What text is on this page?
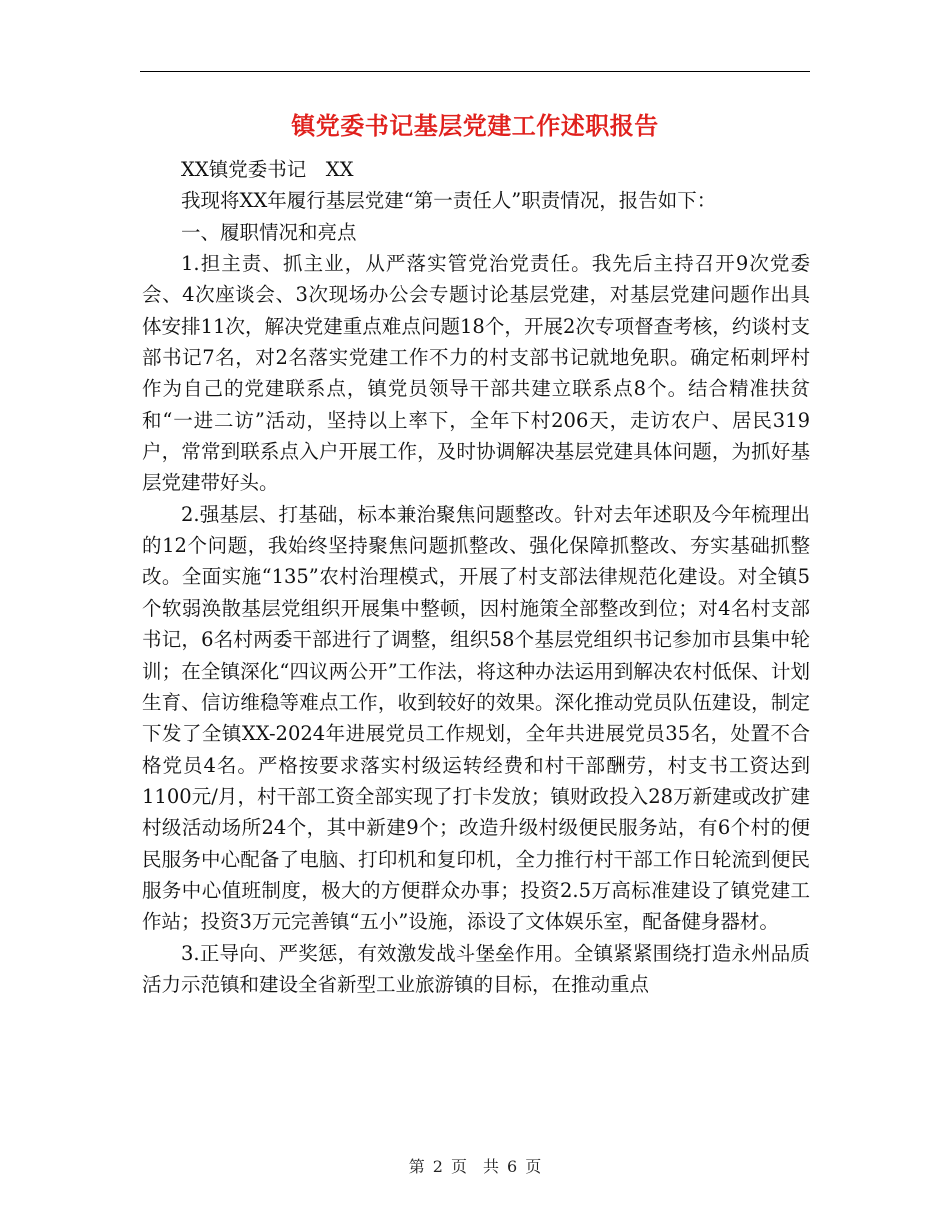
镇党委书记基层党建工作述职报告

XX镇党委书记　XX

我现将XX年履行基层党建“第一责任人”职责情况，报告如下：

一、履职情况和亮点

1.担主责、抓主业，从严落实管党治党责任。我先后主持召开9次党委会、4次座谈会、3次现场办公会专题讨论基层党建，对基层党建问题作出具体安排11次，解决党建重点难点问题18个，开展2次专项督查考核，约谈村支部书记7名，对2名落实党建工作不力的村支部书记就地免职。确定柘刺坪村作为自己的党建联系点，镇党员领导干部共建立联系点8个。结合精准扶贫和“一进二访”活动，坚持以上率下，全年下村206天，走访农户、居民319户，常常到联系点入户开展工作，及时协调解决基层党建具体问题，为抓好基层党建带好头。

2.强基层、打基础，标本兼治聚焦问题整改。针对去年述职及今年梳理出的12个问题，我始终坚持聚焦问题抓整改、强化保障抓整改、夯实基础抓整改。全面实施“135”农村治理模式，开展了村支部法律规范化建设。对全镇5个软弱涣散基层党组织开展集中整顿，因村施策全部整改到位；对4名村支部书记，6名村两委干部进行了调整，组织58个基层党组织书记参加市县集中轮训；在全镇深化“四议两公开”工作法，将这种办法运用到解决农村低保、计划生育、信访维稳等难点工作，收到较好的效果。深化推动党员队伍建设，制定下发了全镇XX-2024年进展党员工作规划，全年共进展党员35名，处置不合格党员4名。严格按要求落实村级运转经费和村干部酬劳，村支书工资达到1100元/月，村干部工资全部实现了打卡发放；镇财政投入28万新建或改扩建村级活动场所24个，其中新建9个；改造升级村级便民服务站，有6个村的便民服务中心配备了电脑、打印机和复印机，全力推行村干部工作日轮流到便民服务中心值班制度，极大的方便群众办事；投资2.5万高标准建设了镇党建工作站；投资3万元完善镇“五小”设施，添设了文体娱乐室，配备健身器材。

3.正导向、严奖惩，有效激发战斗堡垒作用。全镇紧紧围绕打造永州品质活力示范镇和建设全省新型工业旅游镇的目标，在推动重点

第 2 页　共 6 页
